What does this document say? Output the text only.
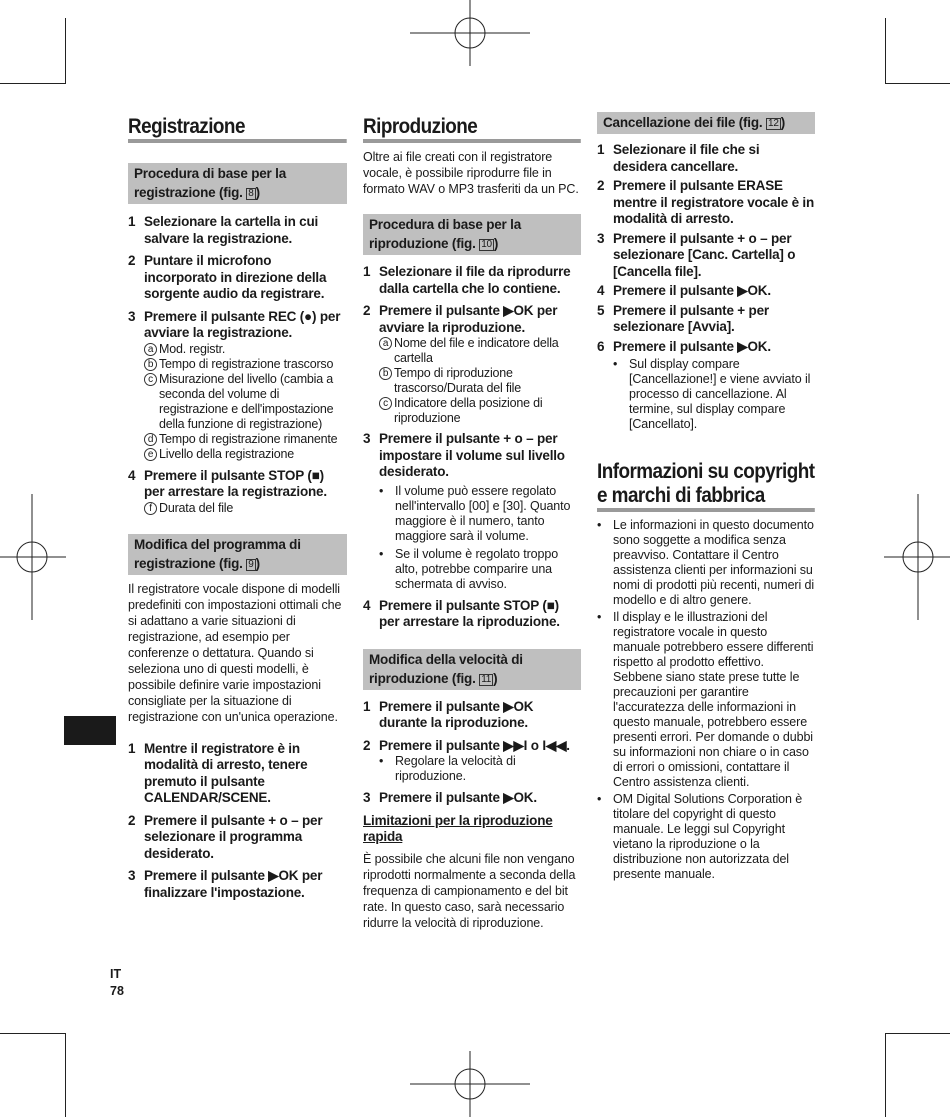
IT
78
Registrazione
Procedura di base per la registrazione (fig. 8 )
1 Selezionare la cartella in cui salvare la registrazione.
2 Puntare il microfono incorporato in direzione della sorgente audio da registrare.
3 Premere il pulsante REC (●) per avviare la registrazione.
a Mod. registr.
b Tempo di registrazione trascorso
c Misurazione del livello (cambia a seconda del volume di registrazione e dell'impostazione della funzione di registrazione)
d Tempo di registrazione rimanente
e Livello della registrazione
4 Premere il pulsante STOP (■) per arrestare la registrazione.
f Durata del file
Modifica del programma di registrazione (fig. 9 )
Il registratore vocale dispone di modelli predefiniti con impostazioni ottimali che si adattano a varie situazioni di registrazione, ad esempio per conferenze o dettatura. Quando si seleziona uno di questi modelli, è possibile definire varie impostazioni consigliate per la situazione di registrazione con un'unica operazione.
1 Mentre il registratore è in modalità di arresto, tenere premuto il pulsante CALENDAR/SCENE.
2 Premere il pulsante + o – per selezionare il programma desiderato.
3 Premere il pulsante ▶OK per finalizzare l'impostazione.
Riproduzione
Oltre ai file creati con il registratore vocale, è possibile riprodurre file in formato WAV o MP3 trasferiti da un PC.
Procedura di base per la riproduzione (fig. 10 )
1 Selezionare il file da riprodurre dalla cartella che lo contiene.
2 Premere il pulsante ▶OK per avviare la riproduzione.
a Nome del file e indicatore della cartella
b Tempo di riproduzione trascorso/Durata del file
c Indicatore della posizione di riproduzione
3 Premere il pulsante + o – per impostare il volume sul livello desiderato.
• Il volume può essere regolato nell'intervallo [00] e [30]. Quanto maggiore è il numero, tanto maggiore sarà il volume.
• Se il volume è regolato troppo alto, potrebbe comparire una schermata di avviso.
4 Premere il pulsante STOP (■) per arrestare la riproduzione.
Modifica della velocità di riproduzione (fig. 11 )
1 Premere il pulsante ▶OK durante la riproduzione.
2 Premere il pulsante ▶▶I o I◀◀.
• Regolare la velocità di riproduzione.
3 Premere il pulsante ▶OK.
Limitazioni per la riproduzione rapida
È possibile che alcuni file non vengano riprodotti normalmente a seconda della frequenza di campionamento e del bit rate. In questo caso, sarà necessario ridurre la velocità di riproduzione.
Cancellazione dei file (fig. 12 )
1 Selezionare il file che si desidera cancellare.
2 Premere il pulsante ERASE mentre il registratore vocale è in modalità di arresto.
3 Premere il pulsante + o – per selezionare [Canc. Cartella] o [Cancella file].
4 Premere il pulsante ▶OK.
5 Premere il pulsante + per selezionare [Avvia].
6 Premere il pulsante ▶OK.
• Sul display compare [Cancellazione!] e viene avviato il processo di cancellazione. Al termine, sul display compare [Cancellato].
Informazioni su copyright e marchi di fabbrica
• Le informazioni in questo documento sono soggette a modifica senza preavviso. Contattare il Centro assistenza clienti per informazioni su nomi di prodotti più recenti, numeri di modello e di altro genere.
• Il display e le illustrazioni del registratore vocale in questo manuale potrebbero essere differenti rispetto al prodotto effettivo. Sebbene siano state prese tutte le precauzioni per garantire l'accuratezza delle informazioni in questo manuale, potrebbero essere presenti errori. Per domande o dubbi su informazioni non chiare o in caso di errori o omissioni, contattare il Centro assistenza clienti.
• OM Digital Solutions Corporation è titolare del copyright di questo manuale. Le leggi sul Copyright vietano la riproduzione o la distribuzione non autorizzata del presente manuale.
